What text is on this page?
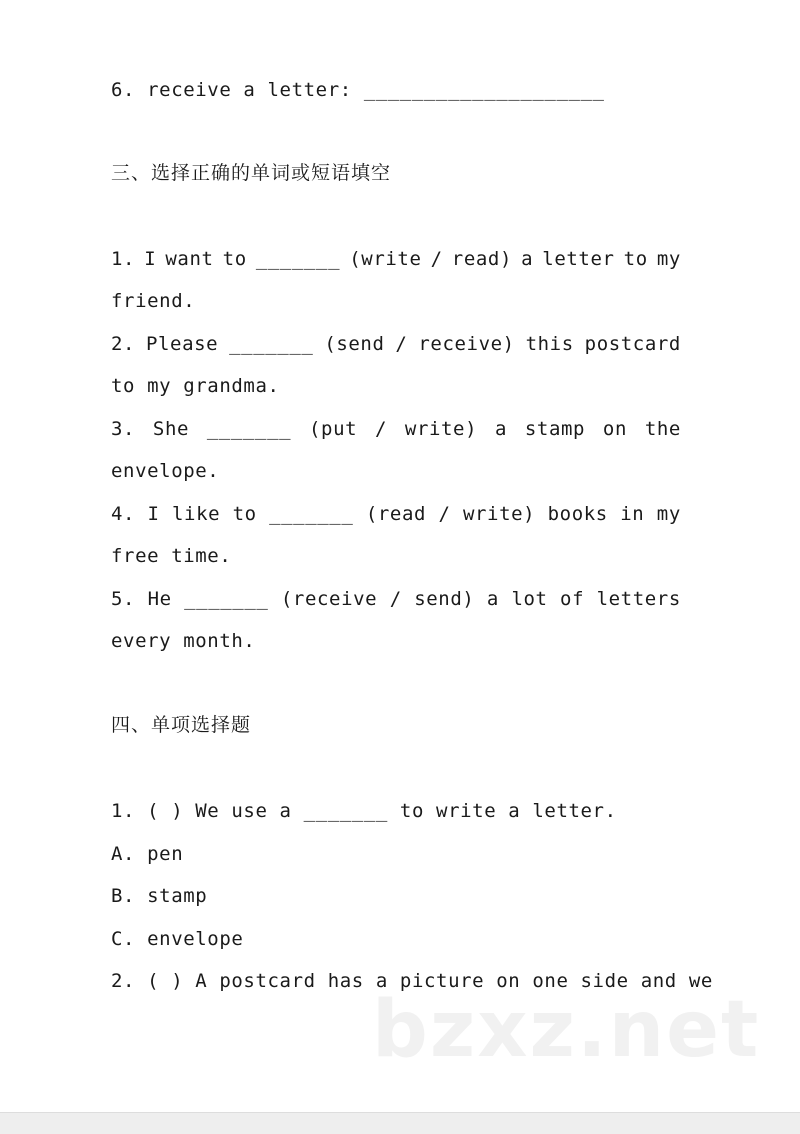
6. receive a letter: ____________________
三、选择正确的单词或短语填空
1. I want to _______ (write / read) a letter to my
friend.
2. Please _______ (send / receive) this postcard
to my grandma.
3. She _______ (put / write) a stamp on the
envelope.
4. I like to _______ (read / write) books in my
free time.
5. He _______ (receive / send) a lot of letters
every month.
四、单项选择题
1. ( ) We use a _______ to write a letter.
A. pen
B. stamp
C. envelope
2. ( ) A postcard has a picture on one side and we
bzxz.net
